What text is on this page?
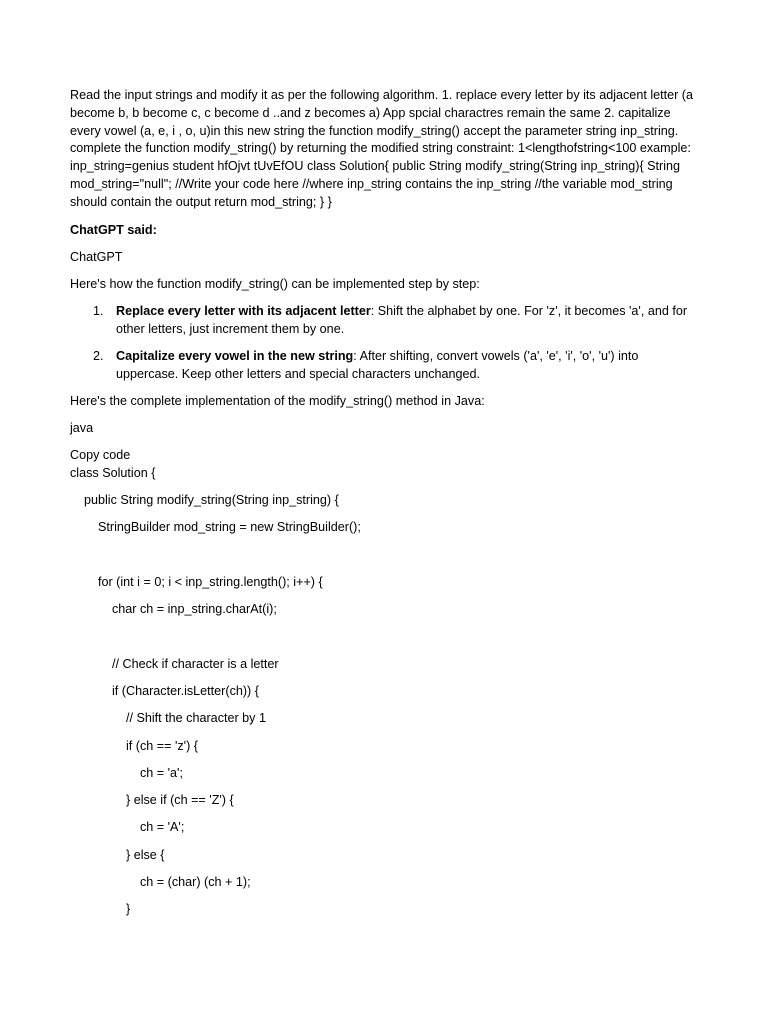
Read the input strings and modify it as per the following algorithm. 1. replace every letter by its adjacent letter (a become b, b become c, c become d ..and z becomes a) App spcial charactres remain the same 2. capitalize every vowel (a, e, i , o, u)in this new string the function modify_string() accept the parameter string inp_string. complete the function modify_string() by returning the modified string constraint: 1<lengthofstring<100 example: inp_string=genius student hfOjvt tUvEfOU class Solution{ public String modify_string(String inp_string){ String mod_string="null"; //Write your code here //where inp_string contains the inp_string //the variable mod_string should contain the output return mod_string; } }

ChatGPT said:

ChatGPT

Here's how the function modify_string() can be implemented step by step:

1. Replace every letter with its adjacent letter: Shift the alphabet by one. For 'z', it becomes 'a', and for other letters, just increment them by one.
2. Capitalize every vowel in the new string: After shifting, convert vowels ('a', 'e', 'i', 'o', 'u') into uppercase. Keep other letters and special characters unchanged.

Here's the complete implementation of the modify_string() method in Java:

java

Copy code

class Solution {
public String modify_string(String inp_string) {
StringBuilder mod_string = new StringBuilder();
for (int i = 0; i < inp_string.length(); i++) {
char ch = inp_string.charAt(i);
// Check if character is a letter
if (Character.isLetter(ch)) {
// Shift the character by 1
if (ch == 'z') {
ch = 'a';
} else if (ch == 'Z') {
ch = 'A';
} else {
ch = (char) (ch + 1);
}
